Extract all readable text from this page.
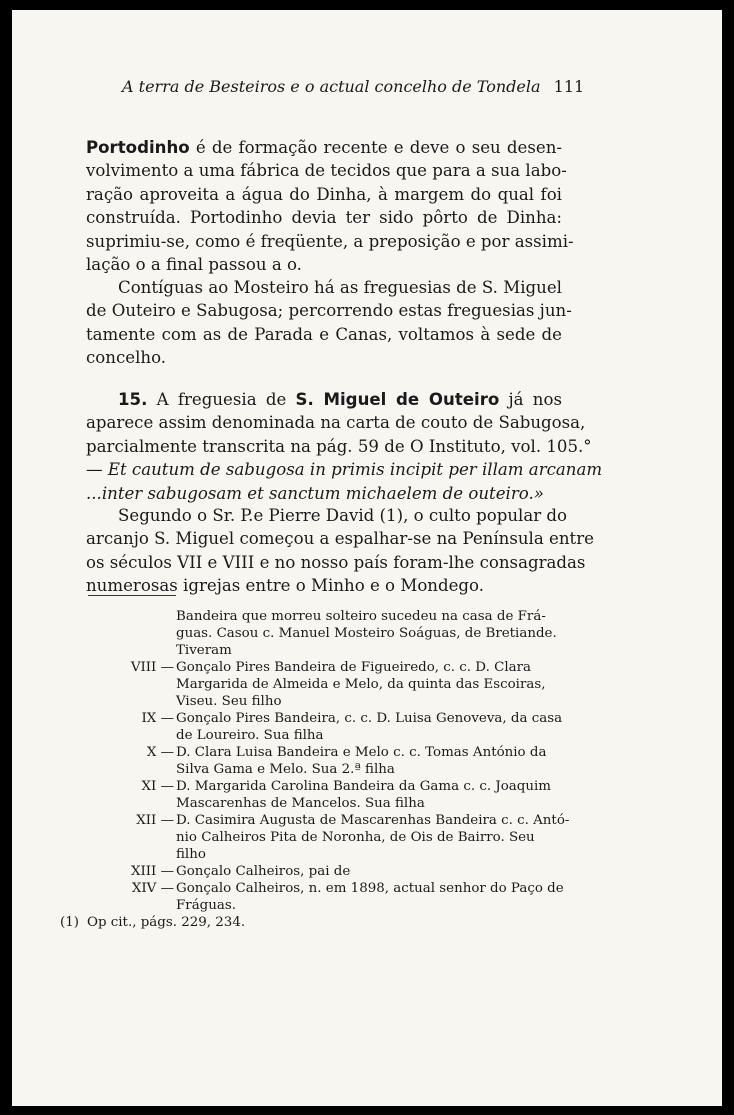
A terra de Besteiros e o actual concelho de Tondela 111
Portodinho é de formação recente e deve o seu desen-
volvimento a uma fábrica de tecidos que para a sua labo-
ração aproveita a água do Dinha, à margem do qual foi
construída. Portodinho devia ter sido pôrto de Dinha:
suprimiu-se, como é freqüente, a preposição e por assimi-
lação o a final passou a o.
Contíguas ao Mosteiro há as freguesias de S. Miguel
de Outeiro e Sabugosa; percorrendo estas freguesias jun-
tamente com as de Parada e Canas, voltamos à sede de
concelho.
15. A freguesia de S. Miguel de Outeiro já nos
aparece assim denominada na carta de couto de Sabugosa,
parcialmente transcrita na pág. 59 de O Instituto, vol. 105.°
— Et cautum de sabugosa in primis incipit per illam arcanam
...inter sabugosam et sanctum michaelem de outeiro.»
Segundo o Sr. P.e Pierre David (1), o culto popular do
arcanjo S. Miguel começou a espalhar-se na Península entre
os séculos VII e VIII e no nosso país foram-lhe consagradas
numerosas igrejas entre o Minho e o Mondego.
Bandeira que morreu solteiro sucedeu na casa de Frá-
guas. Casou c. Manuel Mosteiro Soáguas, de Bretiande.
Tiveram
VIII — Gonçalo Pires Bandeira de Figueiredo, c. c. D. Clara
Margarida de Almeida e Melo, da quinta das Escoiras,
Viseu. Seu filho
IX — Gonçalo Pires Bandeira, c. c. D. Luisa Genoveva, da casa
de Loureiro. Sua filha
X — D. Clara Luisa Bandeira e Melo c. c. Tomas António da
Silva Gama e Melo. Sua 2.ª filha
XI — D. Margarida Carolina Bandeira da Gama c. c. Joaquim
Mascarenhas de Mancelos. Sua filha
XII — D. Casimira Augusta de Mascarenhas Bandeira c. c. Antó-
nio Calheiros Pita de Noronha, de Ois de Bairro. Seu
filho
XIII — Gonçalo Calheiros, pai de
XIV — Gonçalo Calheiros, n. em 1898, actual senhor do Paço de
Fráguas.
(1) Op cit., págs. 229, 234.
